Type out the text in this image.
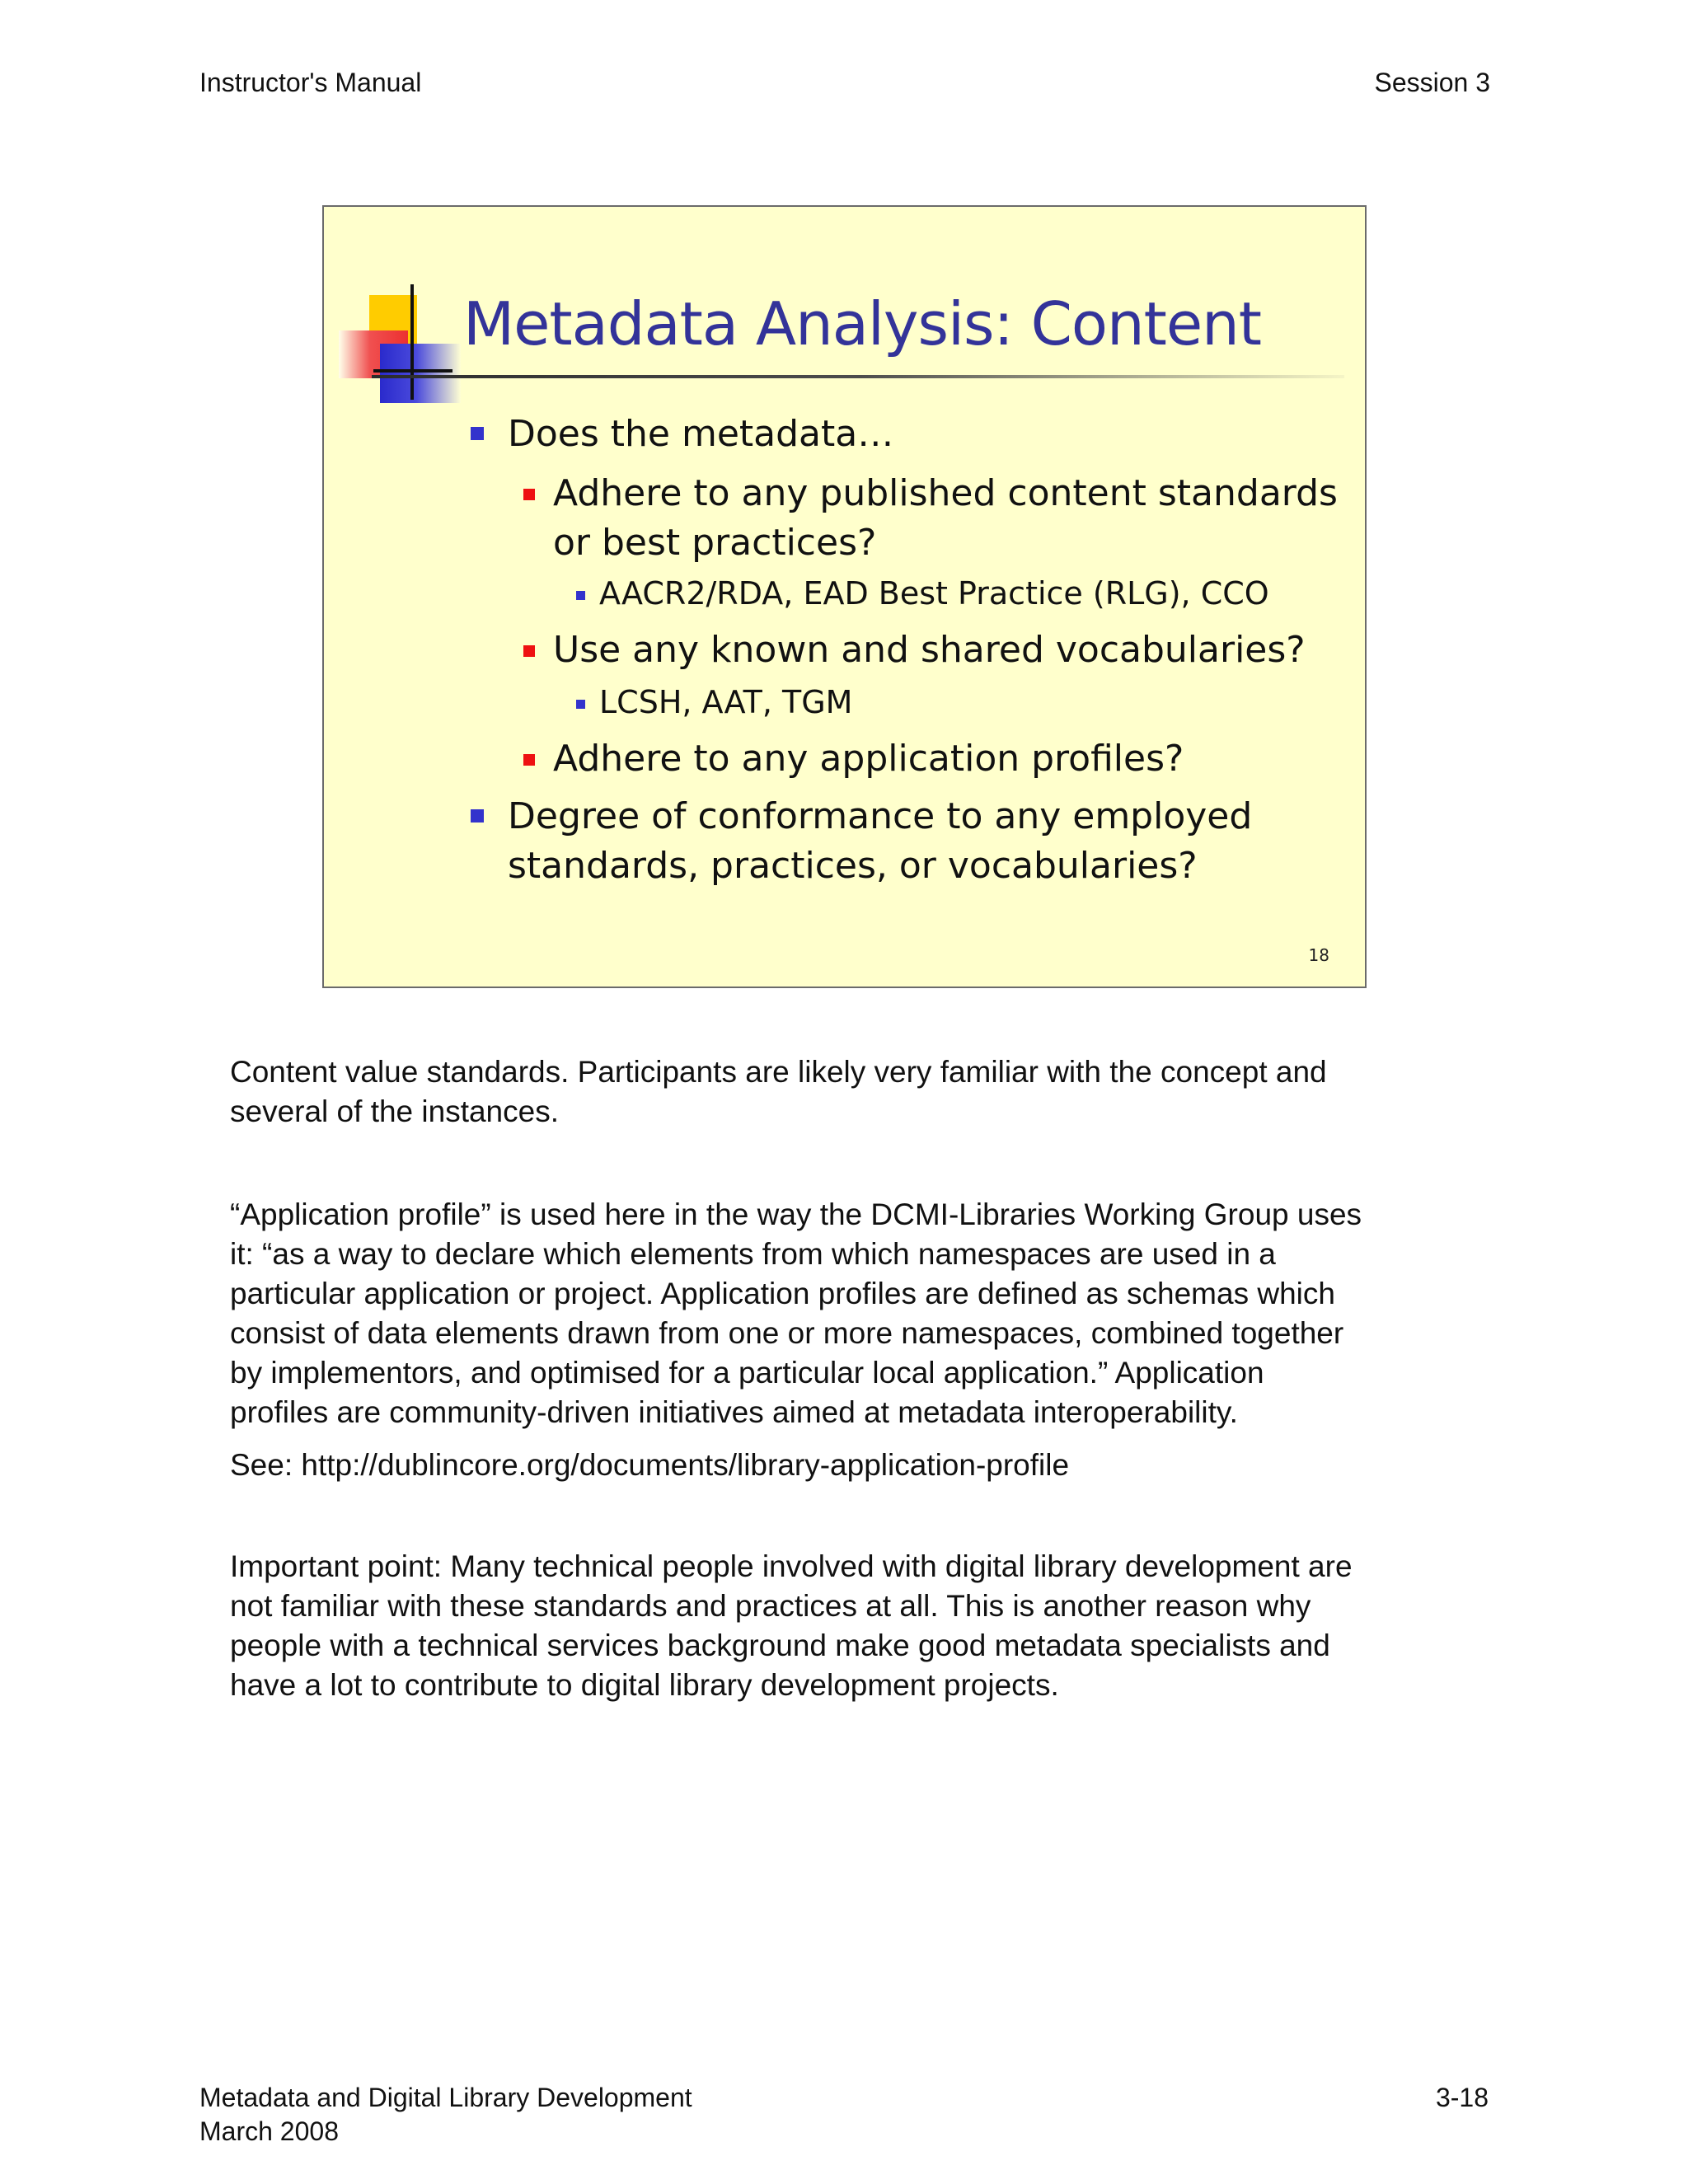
Instructor's Manual	Session 3
Metadata Analysis: Content
Does the metadata…
Adhere to any published content standards
or best practices?
AACR2/RDA, EAD Best Practice (RLG), CCO
Use any known and shared vocabularies?
LCSH, AAT, TGM
Adhere to any application profiles?
Degree of conformance to any employed
standards, practices, or vocabularies?
18

Content value standards. Participants are likely very familiar with the concept and
several of the instances.

“Application profile” is used here in the way the DCMI-Libraries Working Group uses
it: “as a way to declare which elements from which namespaces are used in a
particular application or project. Application profiles are defined as schemas which
consist of data elements drawn from one or more namespaces, combined together
by implementors, and optimised for a particular local application.” Application
profiles are community-driven initiatives aimed at metadata interoperability.

See: http://dublincore.org/documents/library-application-profile

Important point: Many technical people involved with digital library development are
not familiar with these standards and practices at all. This is another reason why
people with a technical services background make good metadata specialists and
have a lot to contribute to digital library development projects.

Metadata and Digital Library Development
March 2008
3-18
